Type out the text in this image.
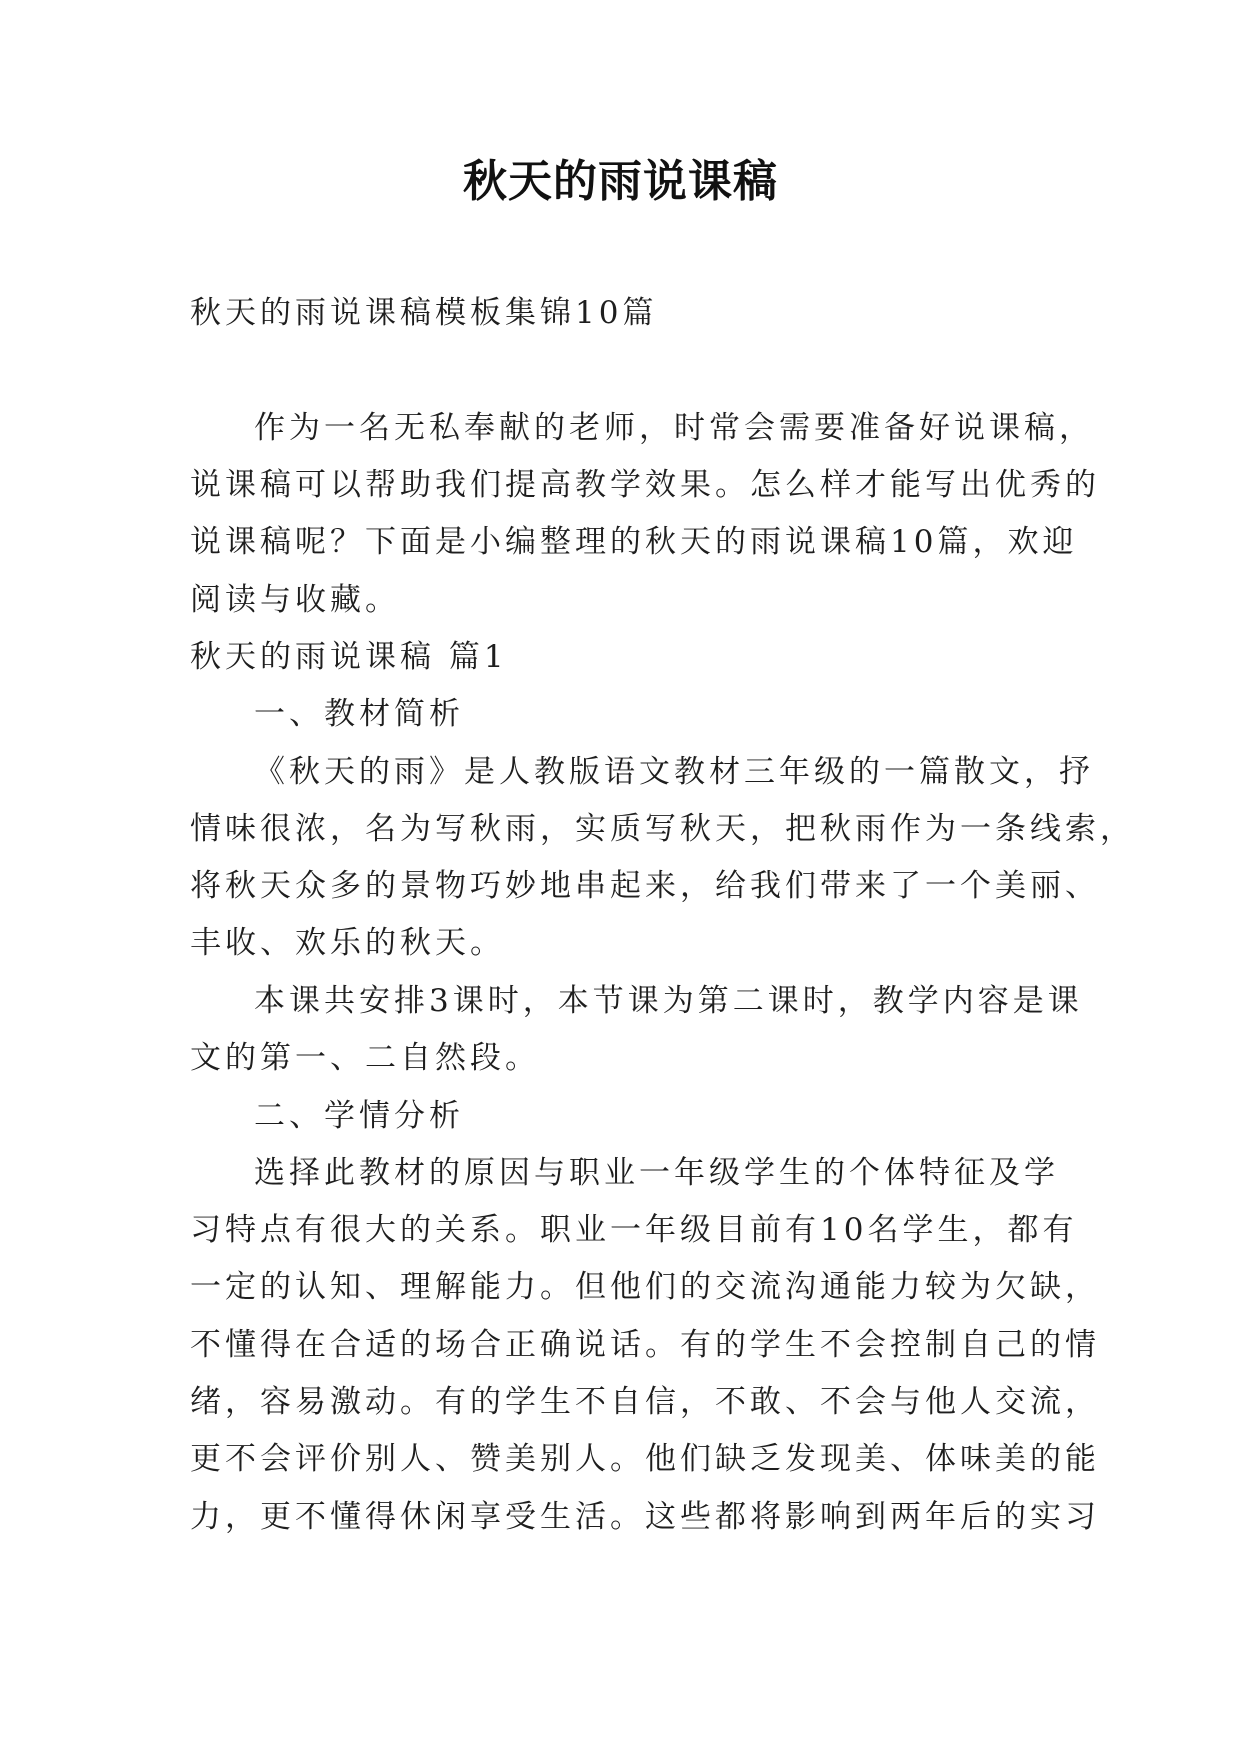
秋天的雨说课稿
秋天的雨说课稿模板集锦10篇
作为一名无私奉献的老师，时常会需要准备好说课稿，
说课稿可以帮助我们提高教学效果。怎么样才能写出优秀的
说课稿呢？下面是小编整理的秋天的雨说课稿10篇，欢迎
阅读与收藏。
秋天的雨说课稿 篇1
一、教材简析
《秋天的雨》是人教版语文教材三年级的一篇散文，抒
情味很浓，名为写秋雨，实质写秋天，把秋雨作为一条线索，
将秋天众多的景物巧妙地串起来，给我们带来了一个美丽、
丰收、欢乐的秋天。
本课共安排3课时，本节课为第二课时，教学内容是课
文的第一、二自然段。
二、学情分析
选择此教材的原因与职业一年级学生的个体特征及学
习特点有很大的关系。职业一年级目前有10名学生，都有
一定的认知、理解能力。但他们的交流沟通能力较为欠缺，
不懂得在合适的场合正确说话。有的学生不会控制自己的情
绪，容易激动。有的学生不自信，不敢、不会与他人交流，
更不会评价别人、赞美别人。他们缺乏发现美、体味美的能
力，更不懂得休闲享受生活。这些都将影响到两年后的实习
